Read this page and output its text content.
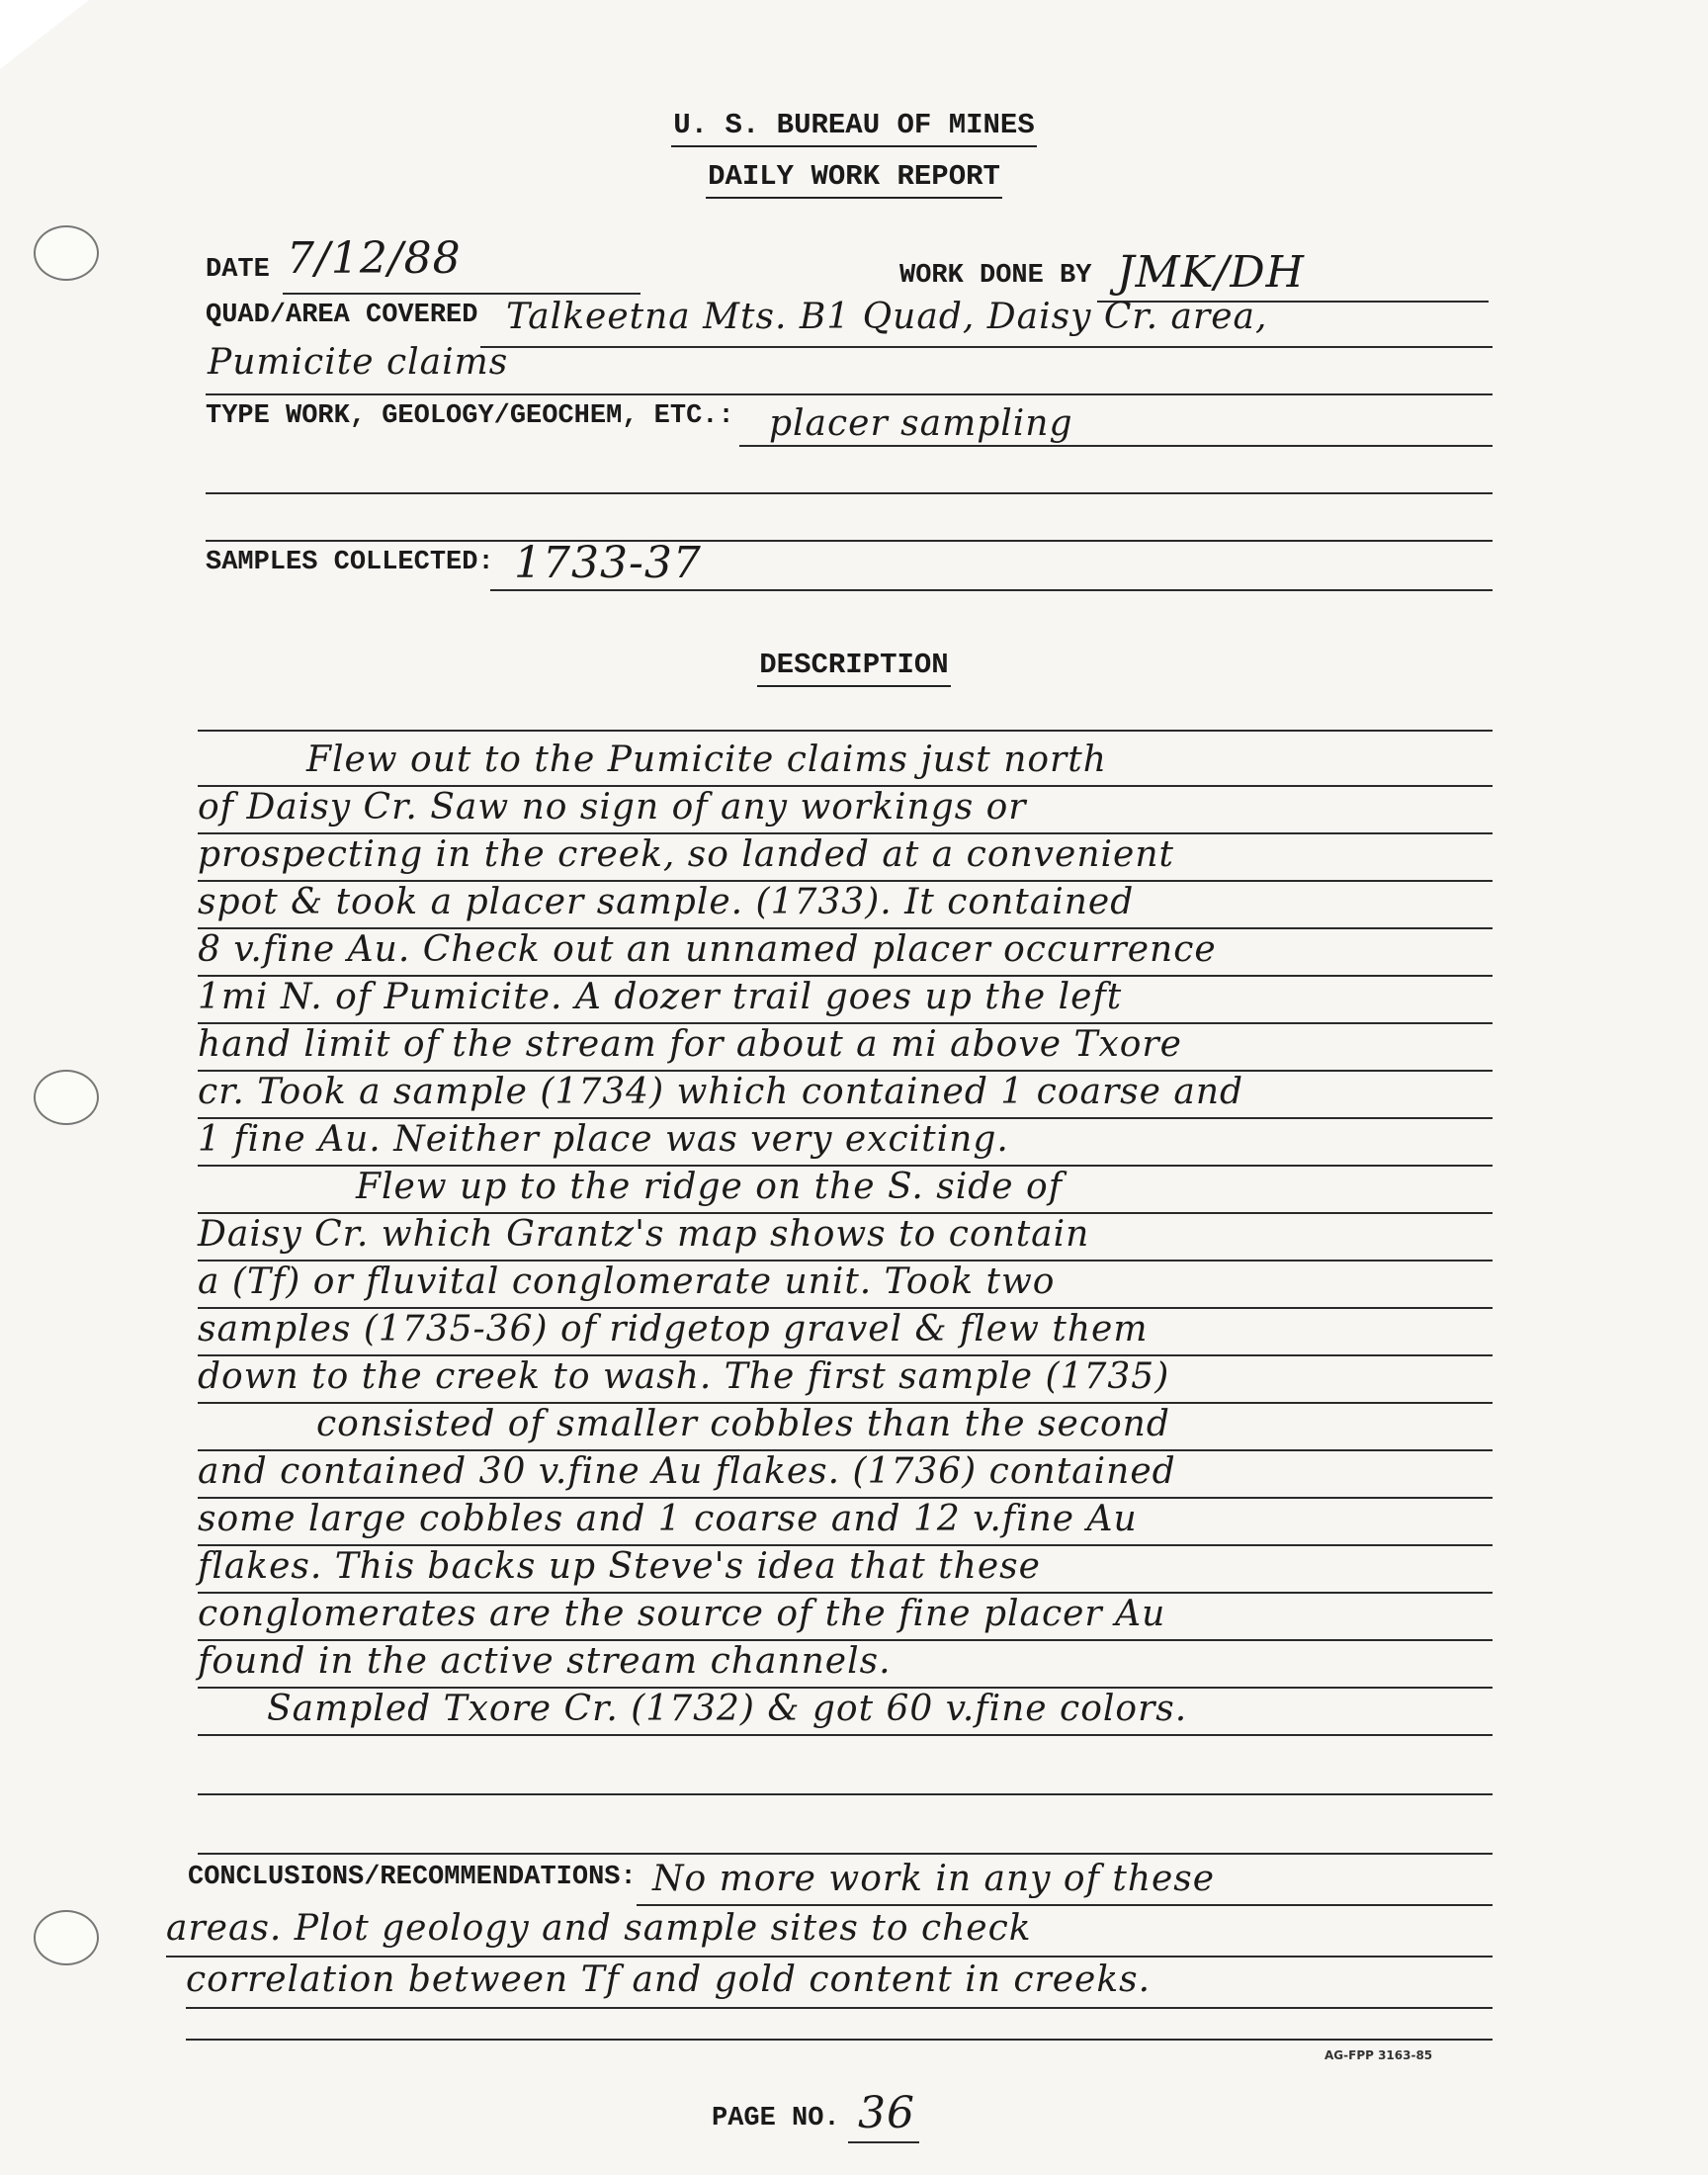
U. S. BUREAU OF MINES
DAILY WORK REPORT
DATE 7/12/88	WORK DONE BY JMK/DH
QUAD/AREA COVERED Talkeetna Mts. B1 Quad, Daisy Cr. area,
Pumicite claims
TYPE WORK, GEOLOGY/GEOCHEM, ETC.: placer sampling
SAMPLES COLLECTED: 1733-37
DESCRIPTION
Flew out to the Pumicite claims just north
of Daisy Cr. Saw no sign of any workings or
prospecting in the creek, so landed at a convenient
spot & took a placer sample. (1733). It contained
8 v.fine Au. Check out an unnamed placer occurrence
1mi N. of Pumicite. A dozer trail goes up the left
hand limit of the stream for about a mi above Txore
cr. Took a sample (1734) which contained 1 coarse and
1 fine Au. Neither place was very exciting.
Flew up to the ridge on the S. side of
Daisy Cr. which Grantz's map shows to contain
a (Tf) or fluvital conglomerate unit. Took two
samples (1735-36) of ridgetop gravel & flew them
down to the creek to wash. The first sample (1735)
consisted of smaller cobbles than the second
and contained 30 v.fine Au flakes. (1736) contained
some large cobbles and 1 coarse and 12 v.fine Au
flakes. This backs up Steve's idea that these
conglomerates are the source of the fine placer Au
found in the active stream channels.
Sampled Txore Cr. (1732) & got 60 v.fine colors.
CONCLUSIONS/RECOMMENDATIONS: No more work in any of these
areas. Plot geology and sample sites to check
correlation between Tf and gold content in creeks.
AG-FPP 3163-85
PAGE NO. 36
